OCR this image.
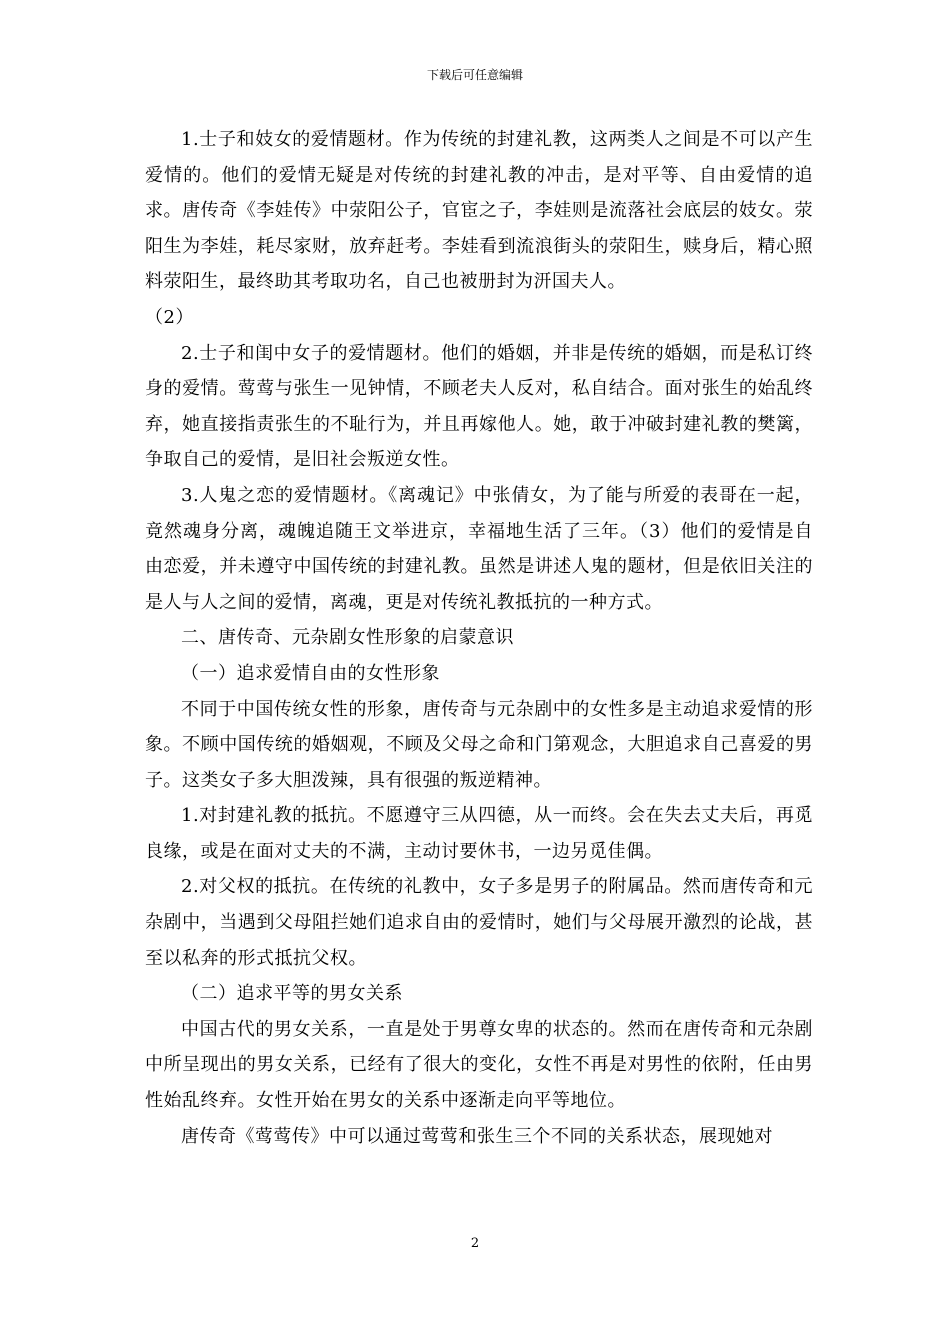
下载后可任意编辑

1.士子和妓女的爱情题材。作为传统的封建礼教，这两类人之间是不可以产生爱情的。他们的爱情无疑是对传统的封建礼教的冲击，是对平等、自由爱情的追求。唐传奇《李娃传》中荥阳公子，官宦之子，李娃则是流落社会底层的妓女。荥阳生为李娃，耗尽家财，放弃赶考。李娃看到流浪街头的荥阳生，赎身后，精心照料荥阳生，最终助其考取功名，自己也被册封为汧国夫人。

（2）

2.士子和闺中女子的爱情题材。他们的婚姻，并非是传统的婚姻，而是私订终身的爱情。莺莺与张生一见钟情，不顾老夫人反对，私自结合。面对张生的始乱终弃，她直接指责张生的不耻行为，并且再嫁他人。她，敢于冲破封建礼教的樊篱，争取自己的爱情，是旧社会叛逆女性。

3.人鬼之恋的爱情题材。《离魂记》中张倩女，为了能与所爱的表哥在一起，竟然魂身分离，魂魄追随王文举进京，幸福地生活了三年。（3）他们的爱情是自由恋爱，并未遵守中国传统的封建礼教。虽然是讲述人鬼的题材，但是依旧关注的是人与人之间的爱情，离魂，更是对传统礼教抵抗的一种方式。

二、唐传奇、元杂剧女性形象的启蒙意识

（一）追求爱情自由的女性形象

不同于中国传统女性的形象，唐传奇与元杂剧中的女性多是主动追求爱情的形象。不顾中国传统的婚姻观，不顾及父母之命和门第观念，大胆追求自己喜爱的男子。这类女子多大胆泼辣，具有很强的叛逆精神。

1.对封建礼教的抵抗。不愿遵守三从四德，从一而终。会在失去丈夫后，再觅良缘，或是在面对丈夫的不满，主动讨要休书，一边另觅佳偶。

2.对父权的抵抗。在传统的礼教中，女子多是男子的附属品。然而唐传奇和元杂剧中，当遇到父母阻拦她们追求自由的爱情时，她们与父母展开激烈的论战，甚至以私奔的形式抵抗父权。

（二）追求平等的男女关系

中国古代的男女关系，一直是处于男尊女卑的状态的。然而在唐传奇和元杂剧中所呈现出的男女关系，已经有了很大的变化，女性不再是对男性的依附，任由男性始乱终弃。女性开始在男女的关系中逐渐走向平等地位。

唐传奇《莺莺传》中可以通过莺莺和张生三个不同的关系状态，展现她对

2
